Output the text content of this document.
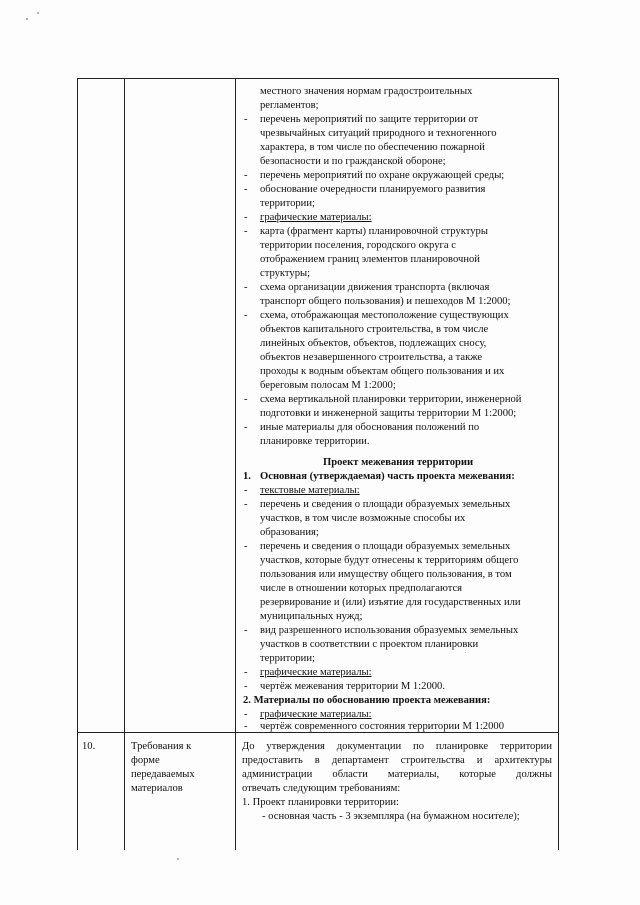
местного значения нормам градостроительных
регламентов;
- перечень мероприятий по защите территории от
чрезвычайных ситуаций природного и техногенного
характера, в том числе по обеспечению пожарной
безопасности и по гражданской обороне;
- перечень мероприятий по охране окружающей среды;
- обоснование очередности планируемого развития
территории;
- графические материалы:
- карта (фрагмент карты) планировочной структуры
территории поселения, городского округа с
отображением границ элементов планировочной
структуры;
- схема организации движения транспорта (включая
транспорт общего пользования) и пешеходов М 1:2000;
- схема, отображающая местоположение существующих
объектов капитального строительства, в том числе
линейных объектов, объектов, подлежащих сносу,
объектов незавершенного строительства, а также
проходы к водным объектам общего пользования и их
береговым полосам М 1:2000;
- схема вертикальной планировки территории, инженерной
подготовки и инженерной защиты территории М 1:2000;
- иные материалы для обоснования положений по
планировке территории.
Проект межевания территории
1. Основная (утверждаемая) часть проекта межевания:
- текстовые материалы:
- перечень и сведения о площади образуемых земельных
участков, в том числе возможные способы их
образования;
- перечень и сведения о площади образуемых земельных
участков, которые будут отнесены к территориям общего
пользования или имуществу общего пользования, в том
числе в отношении которых предполагаются
резервирование и (или) изъятие для государственных или
муниципальных нужд;
- вид разрешенного использования образуемых земельных
участков в соответствии с проектом планировки
территории;
- графические материалы:
- чертёж межевания территории М 1:2000.
2. Материалы по обоснованию проекта межевания:
- графические материалы:
- чертёж современного состояния территории М 1:2000
10.	Требования к
форме
передаваемых
материалов
До утверждения документации по планировке территории
предоставить в департамент строительства и архитектуры
администрации области материалы, которые должны
отвечать следующим требованиям:
1. Проект планировки территории:
- основная часть - 3 экземпляра (на бумажном носителе);
